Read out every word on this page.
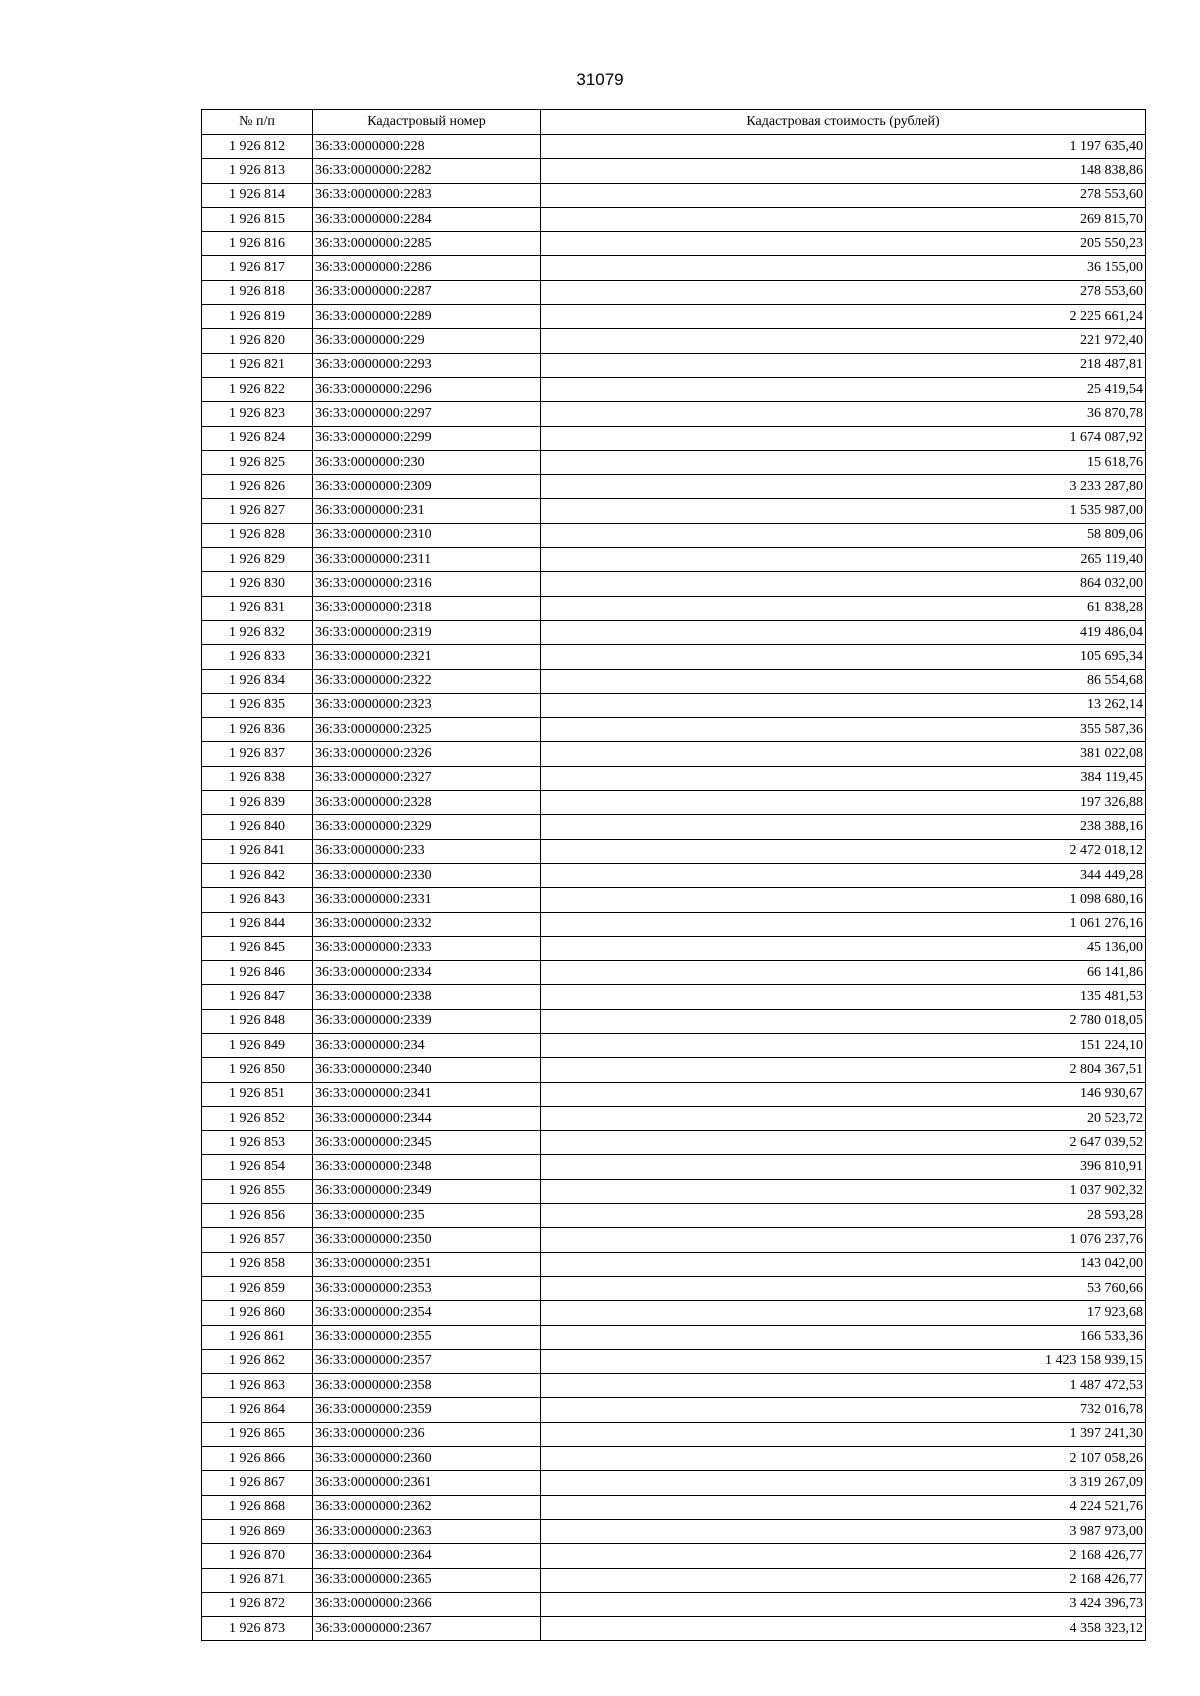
31079
№ п/п	Кадастровый номер	Кадастровая стоимость (рублей)
1 926 812	36:33:0000000:228	1 197 635,40
1 926 813	36:33:0000000:2282	148 838,86
1 926 814	36:33:0000000:2283	278 553,60
1 926 815	36:33:0000000:2284	269 815,70
1 926 816	36:33:0000000:2285	205 550,23
1 926 817	36:33:0000000:2286	36 155,00
1 926 818	36:33:0000000:2287	278 553,60
1 926 819	36:33:0000000:2289	2 225 661,24
1 926 820	36:33:0000000:229	221 972,40
1 926 821	36:33:0000000:2293	218 487,81
1 926 822	36:33:0000000:2296	25 419,54
1 926 823	36:33:0000000:2297	36 870,78
1 926 824	36:33:0000000:2299	1 674 087,92
1 926 825	36:33:0000000:230	15 618,76
1 926 826	36:33:0000000:2309	3 233 287,80
1 926 827	36:33:0000000:231	1 535 987,00
1 926 828	36:33:0000000:2310	58 809,06
1 926 829	36:33:0000000:2311	265 119,40
1 926 830	36:33:0000000:2316	864 032,00
1 926 831	36:33:0000000:2318	61 838,28
1 926 832	36:33:0000000:2319	419 486,04
1 926 833	36:33:0000000:2321	105 695,34
1 926 834	36:33:0000000:2322	86 554,68
1 926 835	36:33:0000000:2323	13 262,14
1 926 836	36:33:0000000:2325	355 587,36
1 926 837	36:33:0000000:2326	381 022,08
1 926 838	36:33:0000000:2327	384 119,45
1 926 839	36:33:0000000:2328	197 326,88
1 926 840	36:33:0000000:2329	238 388,16
1 926 841	36:33:0000000:233	2 472 018,12
1 926 842	36:33:0000000:2330	344 449,28
1 926 843	36:33:0000000:2331	1 098 680,16
1 926 844	36:33:0000000:2332	1 061 276,16
1 926 845	36:33:0000000:2333	45 136,00
1 926 846	36:33:0000000:2334	66 141,86
1 926 847	36:33:0000000:2338	135 481,53
1 926 848	36:33:0000000:2339	2 780 018,05
1 926 849	36:33:0000000:234	151 224,10
1 926 850	36:33:0000000:2340	2 804 367,51
1 926 851	36:33:0000000:2341	146 930,67
1 926 852	36:33:0000000:2344	20 523,72
1 926 853	36:33:0000000:2345	2 647 039,52
1 926 854	36:33:0000000:2348	396 810,91
1 926 855	36:33:0000000:2349	1 037 902,32
1 926 856	36:33:0000000:235	28 593,28
1 926 857	36:33:0000000:2350	1 076 237,76
1 926 858	36:33:0000000:2351	143 042,00
1 926 859	36:33:0000000:2353	53 760,66
1 926 860	36:33:0000000:2354	17 923,68
1 926 861	36:33:0000000:2355	166 533,36
1 926 862	36:33:0000000:2357	1 423 158 939,15
1 926 863	36:33:0000000:2358	1 487 472,53
1 926 864	36:33:0000000:2359	732 016,78
1 926 865	36:33:0000000:236	1 397 241,30
1 926 866	36:33:0000000:2360	2 107 058,26
1 926 867	36:33:0000000:2361	3 319 267,09
1 926 868	36:33:0000000:2362	4 224 521,76
1 926 869	36:33:0000000:2363	3 987 973,00
1 926 870	36:33:0000000:2364	2 168 426,77
1 926 871	36:33:0000000:2365	2 168 426,77
1 926 872	36:33:0000000:2366	3 424 396,73
1 926 873	36:33:0000000:2367	4 358 323,12
